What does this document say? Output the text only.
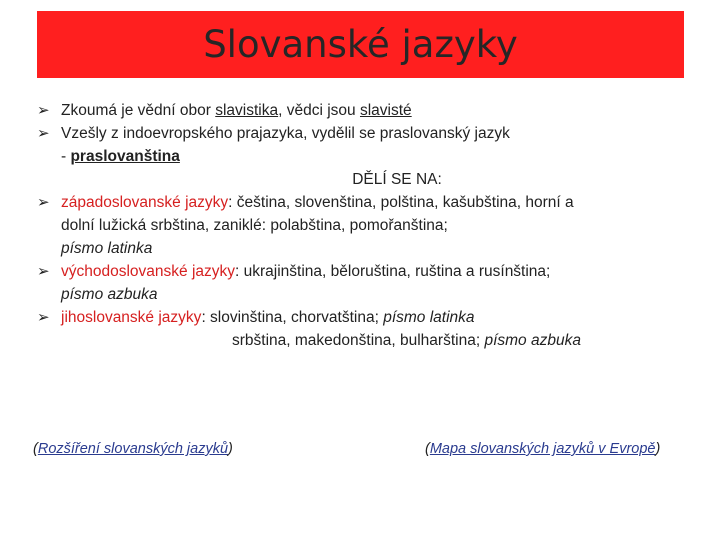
Slovanské jazyky
➢ Zkoumá je vědní obor slavistika, vědci jsou slavisté
➢ Vzešly z indoevropského prajazyka, vydělil se praslovanský jazyk
- praslovanština
DĚLÍ SE NA:
➢ západoslovanské jazyky: čeština, slovenština, polština, kašubština, horní a
dolní lužická srbština, zaniklé: polabština, pomořanština;
písmo latinka
➢ východoslovanské jazyky: ukrajinština, běloruština, ruština a rusínština;
písmo azbuka
➢ jihoslovanské jazyky: slovinština, chorvatština; písmo latinka
srbština, makedonština, bulharština; písmo azbuka
(Rozšíření slovanských jazyků)	(Mapa slovanských jazyků v Evropě)
